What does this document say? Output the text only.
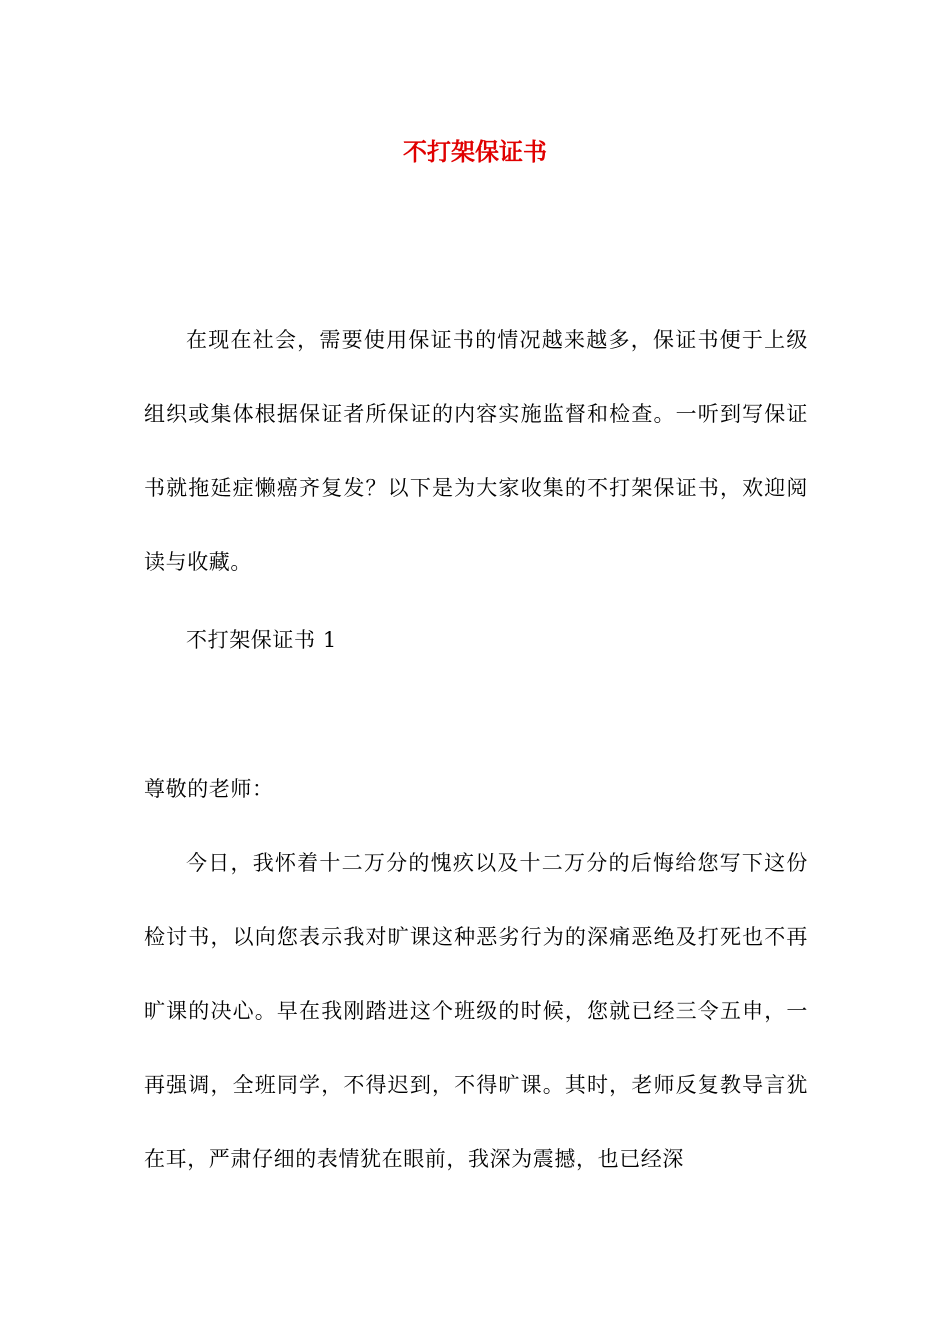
不打架保证书

在现在社会，需要使用保证书的情况越来越多，保证书便于上级组织或集体根据保证者所保证的内容实施监督和检查。一听到写保证书就拖延症懒癌齐复发？以下是为大家收集的不打架保证书，欢迎阅读与收藏。

不打架保证书 1

尊敬的老师：

今日，我怀着十二万分的愧疚以及十二万分的后悔给您写下这份检讨书，以向您表示我对旷课这种恶劣行为的深痛恶绝及打死也不再旷课的决心。早在我刚踏进这个班级的时候，您就已经三令五申，一再强调，全班同学，不得迟到，不得旷课。其时，老师反复教导言犹在耳，严肃仔细的表情犹在眼前，我深为震撼，也已经深
